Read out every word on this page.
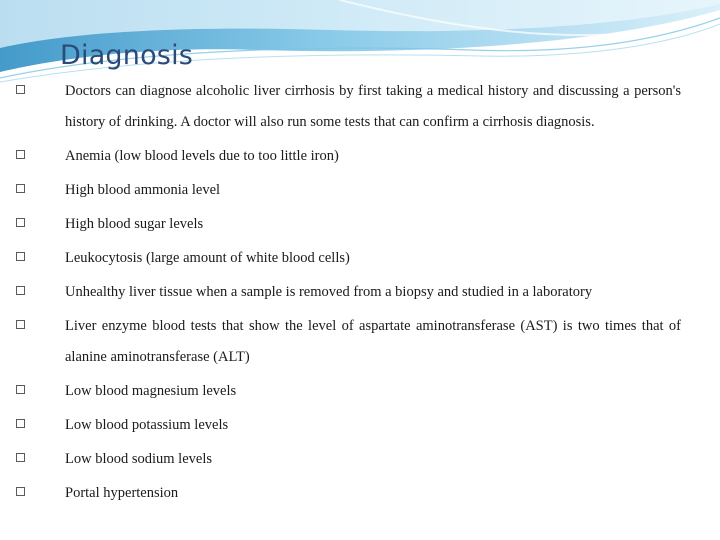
Diagnosis
Doctors can diagnose alcoholic liver cirrhosis by first taking a medical history and discussing a person's history of drinking. A doctor will also run some tests that can confirm a cirrhosis diagnosis.
Anemia (low blood levels due to too little iron)
High blood ammonia level
High blood sugar levels
Leukocytosis (large amount of white blood cells)
Unhealthy liver tissue when a sample is removed from a biopsy and studied in a laboratory
Liver enzyme blood tests that show the level of aspartate aminotransferase (AST) is two times that of alanine aminotransferase (ALT)
Low blood magnesium levels
Low blood potassium levels
Low blood sodium levels
Portal hypertension
